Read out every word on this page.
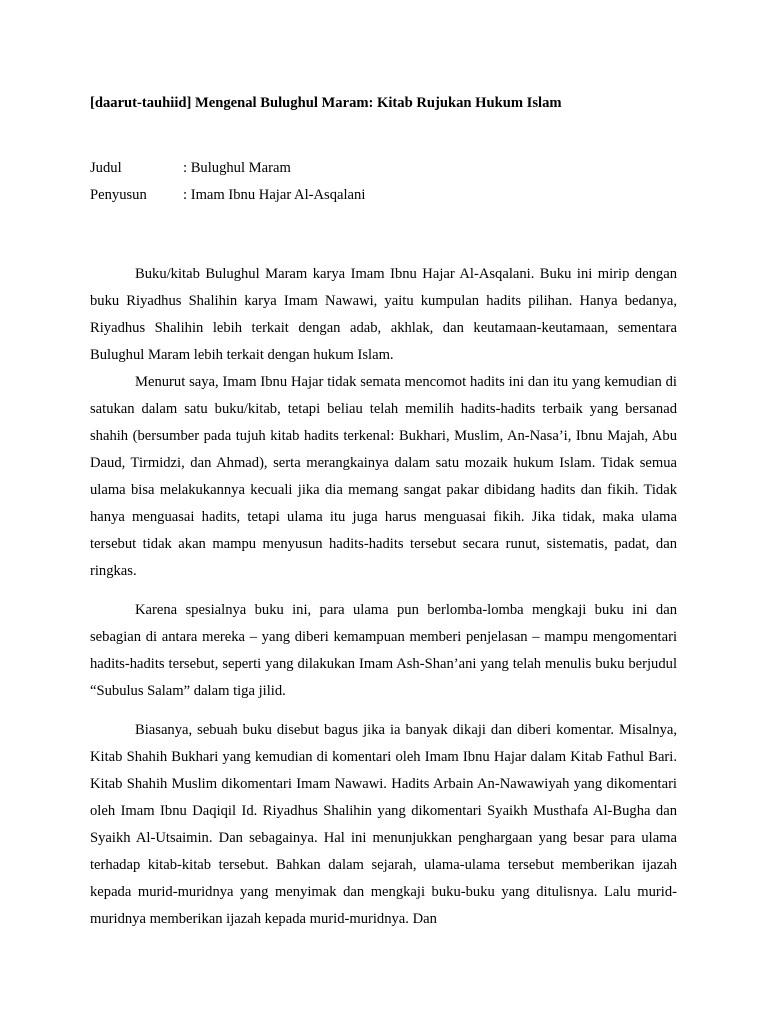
[daarut-tauhiid] Mengenal Bulughul Maram: Kitab Rujukan Hukum Islam
Judul	: Bulughul Maram
Penyusun : Imam Ibnu Hajar Al-Asqalani

Buku/kitab Bulughul Maram karya Imam Ibnu Hajar Al-Asqalani. Buku ini mirip dengan buku Riyadhus Shalihin karya Imam Nawawi, yaitu kumpulan hadits pilihan. Hanya bedanya, Riyadhus Shalihin lebih terkait dengan adab, akhlak, dan keutamaan-keutamaan, sementara Bulughul Maram lebih terkait dengan hukum Islam.

Menurut saya, Imam Ibnu Hajar tidak semata mencomot hadits ini dan itu yang kemudian di satukan dalam satu buku/kitab, tetapi beliau telah memilih hadits-hadits terbaik yang bersanad shahih (bersumber pada tujuh kitab hadits terkenal: Bukhari, Muslim, An-Nasa’i, Ibnu Majah, Abu Daud, Tirmidzi, dan Ahmad), serta merangkainya dalam satu mozaik hukum Islam. Tidak semua ulama bisa melakukannya kecuali jika dia memang sangat pakar dibidang hadits dan fikih. Tidak hanya menguasai hadits, tetapi ulama itu juga harus menguasai fikih. Jika tidak, maka ulama tersebut tidak akan mampu menyusun hadits-hadits tersebut secara runut, sistematis, padat, dan ringkas.

Karena spesialnya buku ini, para ulama pun berlomba-lomba mengkaji buku ini dan sebagian di antara mereka – yang diberi kemampuan memberi penjelasan – mampu mengomentari hadits-hadits tersebut, seperti yang dilakukan Imam Ash-Shan’ani yang telah menulis buku berjudul “Subulus Salam” dalam tiga jilid.

Biasanya, sebuah buku disebut bagus jika ia banyak dikaji dan diberi komentar. Misalnya, Kitab Shahih Bukhari yang kemudian di komentari oleh Imam Ibnu Hajar dalam Kitab Fathul Bari. Kitab Shahih Muslim dikomentari Imam Nawawi. Hadits Arbain An-Nawawiyah yang dikomentari oleh Imam Ibnu Daqiqil Id. Riyadhus Shalihin yang dikomentari Syaikh Musthafa Al-Bugha dan Syaikh Al-Utsaimin. Dan sebagainya. Hal ini menunjukkan penghargaan yang besar para ulama terhadap kitab-kitab tersebut. Bahkan dalam sejarah, ulama-ulama tersebut memberikan ijazah kepada murid-muridnya yang menyimak dan mengkaji buku-buku yang ditulisnya. Lalu murid-muridnya memberikan ijazah kepada murid-muridnya. Dan
